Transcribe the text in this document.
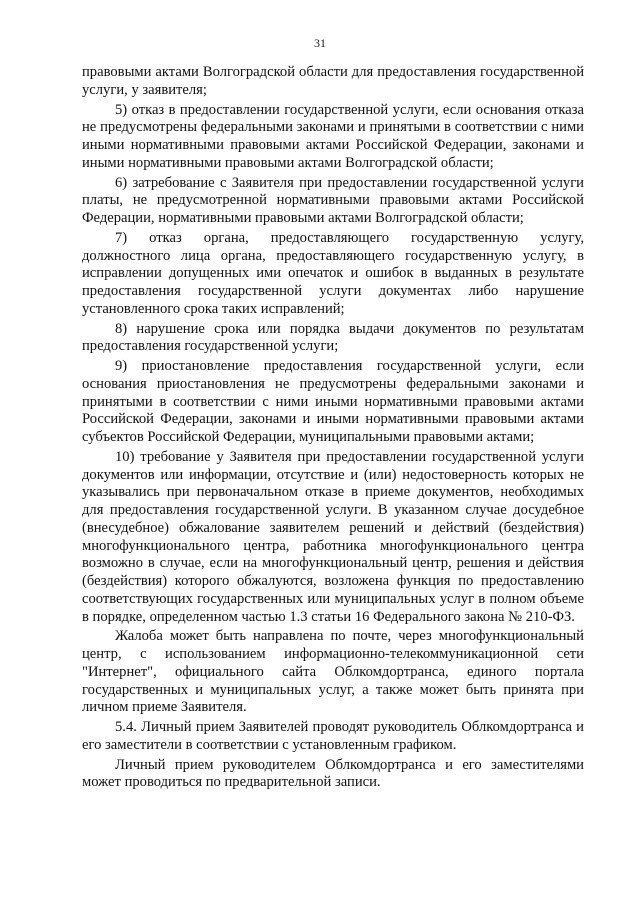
31

правовыми актами Волгоградской области для предоставления государственной услуги, у заявителя;

5) отказ в предоставлении государственной услуги, если основания отказа не предусмотрены федеральными законами и принятыми в соответствии с ними иными нормативными правовыми актами Российской Федерации, законами и иными нормативными правовыми актами Волгоградской области;

6) затребование с Заявителя при предоставлении государственной услуги платы, не предусмотренной нормативными правовыми актами Российской Федерации, нормативными правовыми актами Волгоградской области;

7) отказ органа, предоставляющего государственную услугу, должностного лица органа, предоставляющего государственную услугу, в исправлении допущенных ими опечаток и ошибок в выданных в результате предоставления государственной услуги документах либо нарушение установленного срока таких исправлений;

8) нарушение срока или порядка выдачи документов по результатам предоставления государственной услуги;

9) приостановление предоставления государственной услуги, если основания приостановления не предусмотрены федеральными законами и принятыми в соответствии с ними иными нормативными правовыми актами Российской Федерации, законами и иными нормативными правовыми актами субъектов Российской Федерации, муниципальными правовыми актами;

10) требование у Заявителя при предоставлении государственной услуги документов или информации, отсутствие и (или) недостоверность которых не указывались при первоначальном отказе в приеме документов, необходимых для предоставления государственной услуги. В указанном случае досудебное (внесудебное) обжалование заявителем решений и действий (бездействия) многофункционального центра, работника многофункционального центра возможно в случае, если на многофункциональный центр, решения и действия (бездействия) которого обжалуются, возложена функция по предоставлению соответствующих государственных или муниципальных услуг в полном объеме в порядке, определенном частью 1.3 статьи 16 Федерального закона № 210-ФЗ.

Жалоба может быть направлена по почте, через многофункциональный центр, с использованием информационно-телекоммуникационной сети "Интернет", официального сайта Облкомдортранса, единого портала государственных и муниципальных услуг, а также может быть принята при личном приеме Заявителя.

5.4. Личный прием Заявителей проводят руководитель Облкомдортранса и его заместители в соответствии с установленным графиком.

Личный прием руководителем Облкомдортранса и его заместителями может проводиться по предварительной записи.
